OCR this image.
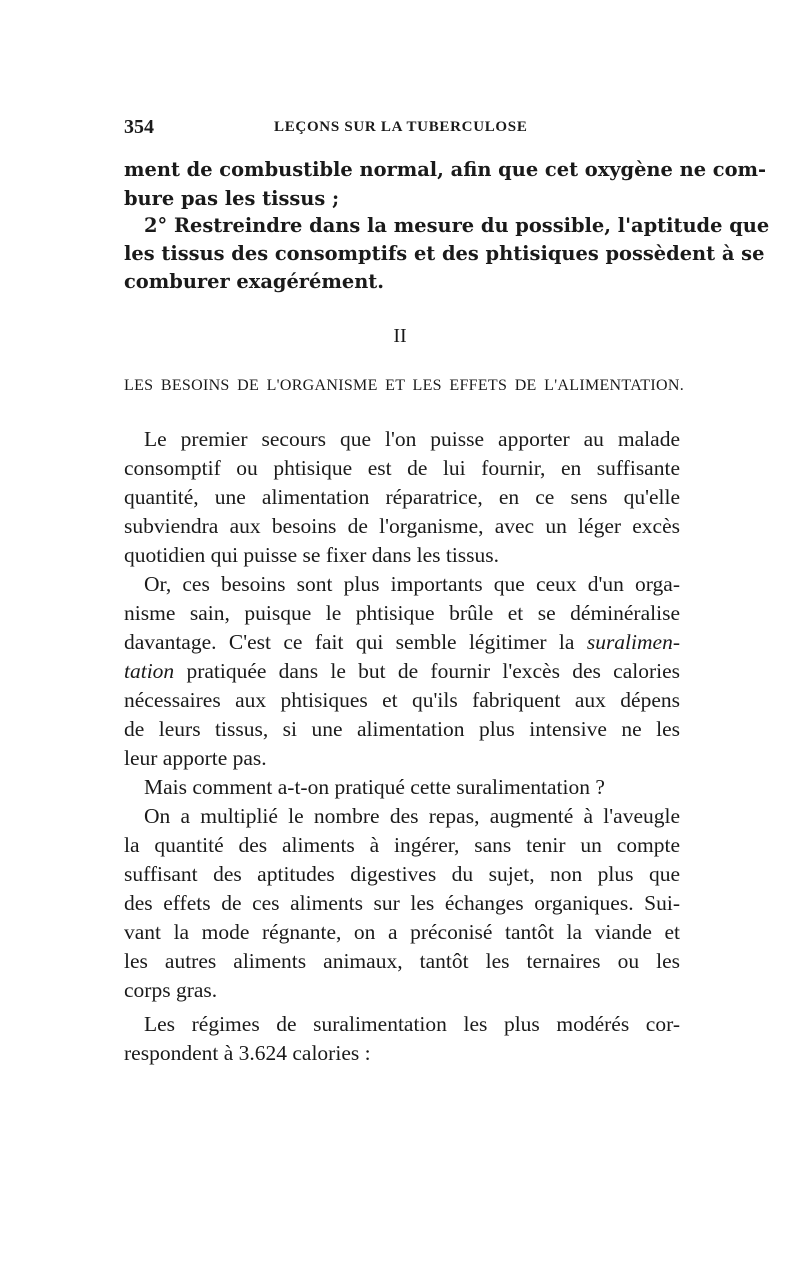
354	LEÇONS SUR LA TUBERCULOSE
ment de combustible normal, afin que cet oxygène ne com-
bure pas les tissus ;
2° Restreindre dans la mesure du possible, l'aptitude que
les tissus des consomptifs et des phtisiques possèdent à se
comburer exagérément.
II
LES BESOINS DE L'ORGANISME ET LES EFFETS DE L'ALIMENTATION.
Le premier secours que l'on puisse apporter au malade
consomptif ou phtisique est de lui fournir, en suffisante
quantité, une alimentation réparatrice, en ce sens qu'elle
subviendra aux besoins de l'organisme, avec un léger excès
quotidien qui puisse se fixer dans les tissus.
Or, ces besoins sont plus importants que ceux d'un orga-
nisme sain, puisque le phtisique brûle et se déminéralise
davantage. C'est ce fait qui semble légitimer la suralimen-
tation pratiquée dans le but de fournir l'excès des calories
nécessaires aux phtisiques et qu'ils fabriquent aux dépens
de leurs tissus, si une alimentation plus intensive ne les
leur apporte pas.
Mais comment a-t-on pratiqué cette suralimentation ?
On a multiplié le nombre des repas, augmenté à l'aveugle
la quantité des aliments à ingérer, sans tenir un compte
suffisant des aptitudes digestives du sujet, non plus que
des effets de ces aliments sur les échanges organiques. Sui-
vant la mode régnante, on a préconisé tantôt la viande et
les autres aliments animaux, tantôt les ternaires ou les
corps gras.
Les régimes de suralimentation les plus modérés cor-
respondent à 3.624 calories :
